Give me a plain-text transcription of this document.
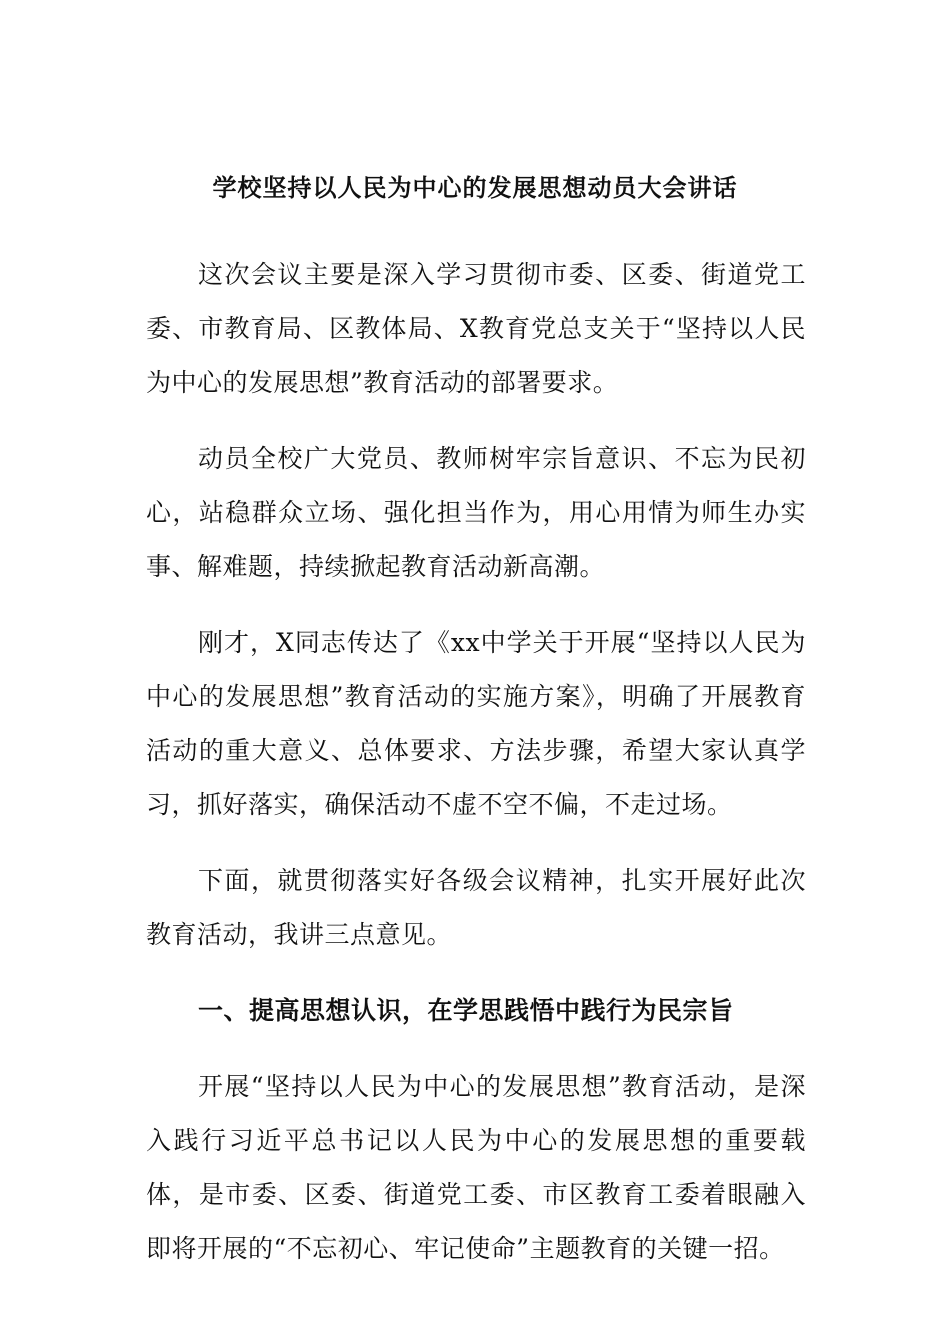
学校坚持以人民为中心的发展思想动员大会讲话

这次会议主要是深入学习贯彻市委、区委、街道党工委、市教育局、区教体局、X教育党总支关于“坚持以人民为中心的发展思想”教育活动的部署要求。

动员全校广大党员、教师树牢宗旨意识、不忘为民初心，站稳群众立场、强化担当作为，用心用情为师生办实事、解难题，持续掀起教育活动新高潮。

刚才，X同志传达了《xx中学关于开展“坚持以人民为中心的发展思想”教育活动的实施方案》，明确了开展教育活动的重大意义、总体要求、方法步骤，希望大家认真学习，抓好落实，确保活动不虚不空不偏，不走过场。

下面，就贯彻落实好各级会议精神，扎实开展好此次教育活动，我讲三点意见。

一、提高思想认识，在学思践悟中践行为民宗旨

开展“坚持以人民为中心的发展思想”教育活动，是深入践行习近平总书记以人民为中心的发展思想的重要载体，是市委、区委、街道党工委、市区教育工委着眼融入即将开展的“不忘初心、牢记使命”主题教育的关键一招。
